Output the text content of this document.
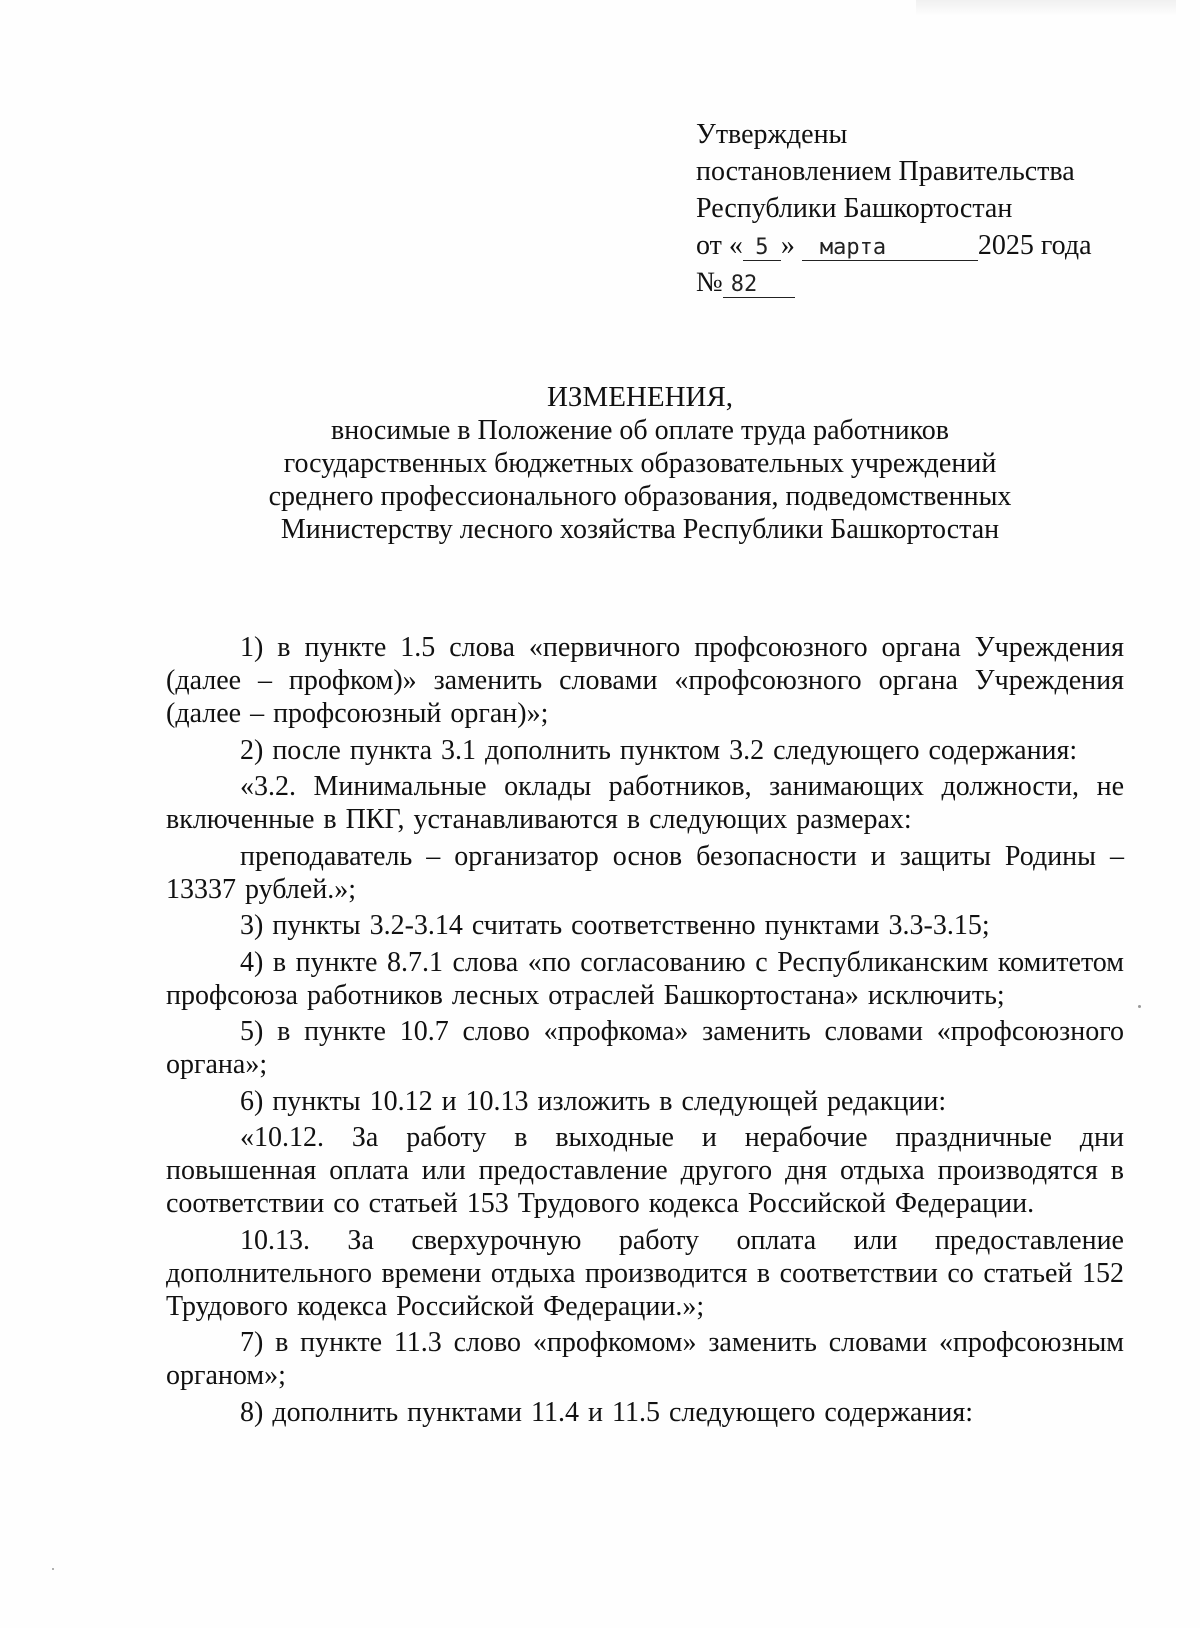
Утверждены
постановлением Правительства
Республики Башкортостан
от « 5 » марта	2025 года
№ 82
ИЗМЕНЕНИЯ,
вносимые в Положение об оплате труда работников
государственных бюджетных образовательных учреждений
среднего профессионального образования, подведомственных
Министерству лесного хозяйства Республики Башкортостан

1) в пункте 1.5 слова «первичного профсоюзного органа Учреждения (далее – профком)» заменить словами «профсоюзного органа Учреждения (далее – профсоюзный орган)»;

2) после пункта 3.1 дополнить пунктом 3.2 следующего содержания:

«3.2. Минимальные оклады работников, занимающих должности, не включенные в ПКГ, устанавливаются в следующих размерах:

преподаватель – организатор основ безопасности и защиты Родины – 13337 рублей.»;

3) пункты 3.2-3.14 считать соответственно пунктами 3.3-3.15;

4) в пункте 8.7.1 слова «по согласованию с Республиканским комитетом профсоюза работников лесных отраслей Башкортостана» исключить;

5) в пункте 10.7 слово «профкома» заменить словами «профсоюзного органа»;

6) пункты 10.12 и 10.13 изложить в следующей редакции:

«10.12. За работу в выходные и нерабочие праздничные дни повышенная оплата или предоставление другого дня отдыха производятся в соответствии со статьей 153 Трудового кодекса Российской Федерации.

10.13. За сверхурочную работу оплата или предоставление дополнительного времени отдыха производится в соответствии со статьей 152 Трудового кодекса Российской Федерации.»;

7) в пункте 11.3 слово «профкомом» заменить словами «профсоюзным органом»;

8) дополнить пунктами 11.4 и 11.5 следующего содержания:
